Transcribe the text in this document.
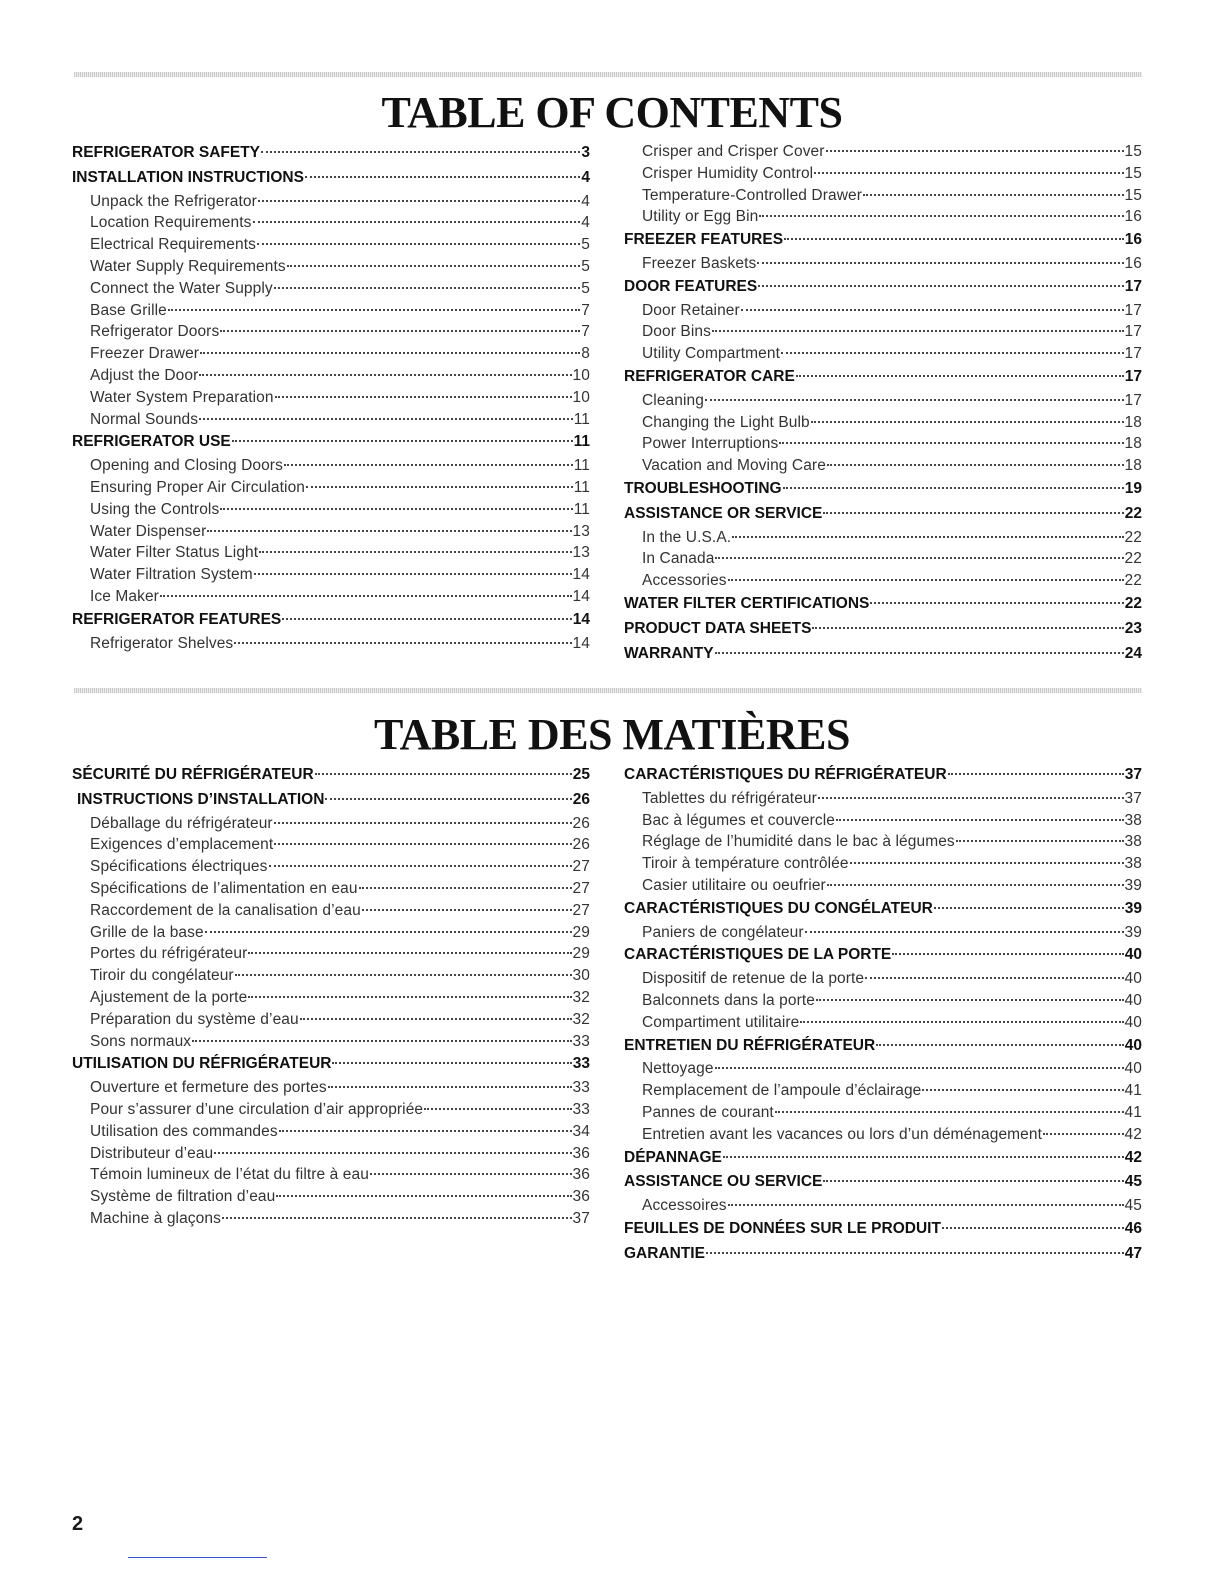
TABLE OF CONTENTS
REFRIGERATOR SAFETY	3
INSTALLATION INSTRUCTIONS	4
Unpack the Refrigerator	4
Location Requirements	4
Electrical Requirements	5
Water Supply Requirements	5
Connect the Water Supply	5
Base Grille	7
Refrigerator Doors	7
Freezer Drawer	8
Adjust the Door	10
Water System Preparation	10
Normal Sounds	11
REFRIGERATOR USE	11
Opening and Closing Doors	11
Ensuring Proper Air Circulation	11
Using the Controls	11
Water Dispenser	13
Water Filter Status Light	13
Water Filtration System	14
Ice Maker	14
REFRIGERATOR FEATURES	14
Refrigerator Shelves	14
Crisper and Crisper Cover	15
Crisper Humidity Control	15
Temperature-Controlled Drawer	15
Utility or Egg Bin	16
FREEZER FEATURES	16
Freezer Baskets	16
DOOR FEATURES	17
Door Retainer	17
Door Bins	17
Utility Compartment	17
REFRIGERATOR CARE	17
Cleaning	17
Changing the Light Bulb	18
Power Interruptions	18
Vacation and Moving Care	18
TROUBLESHOOTING	19
ASSISTANCE OR SERVICE	22
In the U.S.A.	22
In Canada	22
Accessories	22
WATER FILTER CERTIFICATIONS	22
PRODUCT DATA SHEETS	23
WARRANTY	24
TABLE DES MATIÈRES
SÉCURITÉ DU RÉFRIGÉRATEUR	25
INSTRUCTIONS D’INSTALLATION	26
Déballage du réfrigérateur	26
Exigences d’emplacement	26
Spécifications électriques	27
Spécifications de l’alimentation en eau	27
Raccordement de la canalisation d’eau	27
Grille de la base	29
Portes du réfrigérateur	29
Tiroir du congélateur	30
Ajustement de la porte	32
Préparation du système d’eau	32
Sons normaux	33
UTILISATION DU RÉFRIGÉRATEUR	33
Ouverture et fermeture des portes	33
Pour s’assurer d’une circulation d’air appropriée	33
Utilisation des commandes	34
Distributeur d’eau	36
Témoin lumineux de l’état du filtre à eau	36
Système de filtration d’eau	36
Machine à glaçons	37
CARACTÉRISTIQUES DU RÉFRIGÉRATEUR	37
Tablettes du réfrigérateur	37
Bac à légumes et couvercle	38
Réglage de l’humidité dans le bac à légumes	38
Tiroir à température contrôlée	38
Casier utilitaire ou oeufrier	39
CARACTÉRISTIQUES DU CONGÉLATEUR	39
Paniers de congélateur	39
CARACTÉRISTIQUES DE LA PORTE	40
Dispositif de retenue de la porte	40
Balconnets dans la porte	40
Compartiment utilitaire	40
ENTRETIEN DU RÉFRIGÉRATEUR	40
Nettoyage	40
Remplacement de l’ampoule d’éclairage	41
Pannes de courant	41
Entretien avant les vacances ou lors d’un déménagement	42
DÉPANNAGE	42
ASSISTANCE OU SERVICE	45
Accessoires	45
FEUILLES DE DONNÉES SUR LE PRODUIT	46
GARANTIE	47
2
